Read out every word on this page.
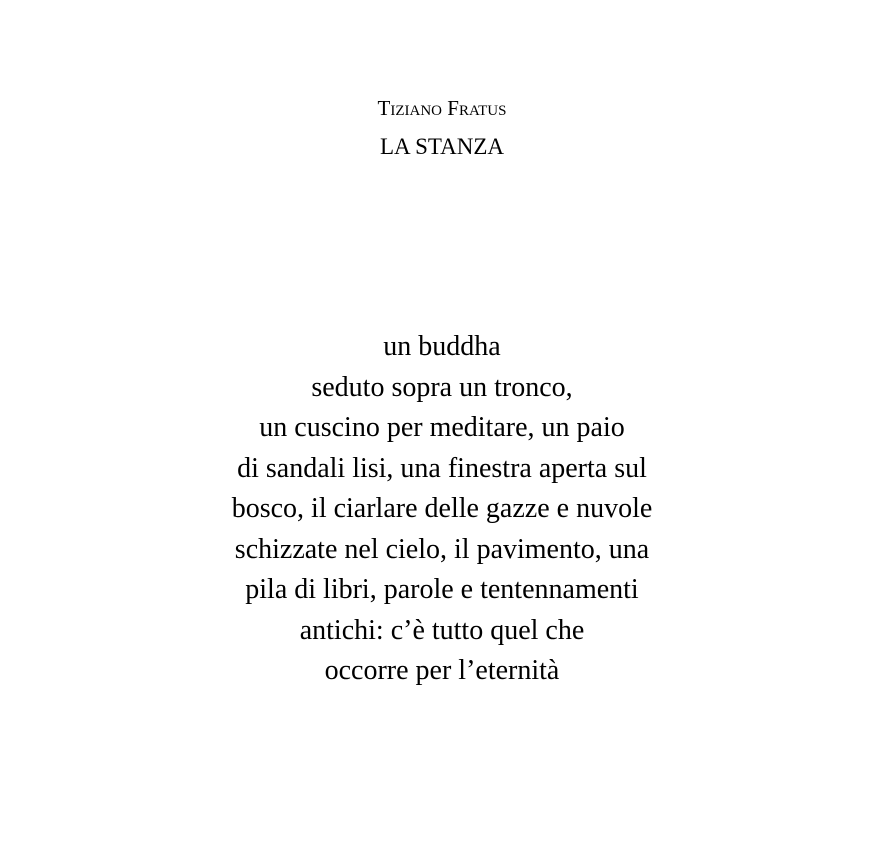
Tiziano Fratus
LA STANZA
un buddha
seduto sopra un tronco,
un cuscino per meditare, un paio
di sandali lisi, una finestra aperta sul
bosco, il ciarlare delle gazze e nuvole
schizzate nel cielo, il pavimento, una
pila di libri, parole e tentennamenti
antichi: c’è tutto quel che
occorre per l’eternità
